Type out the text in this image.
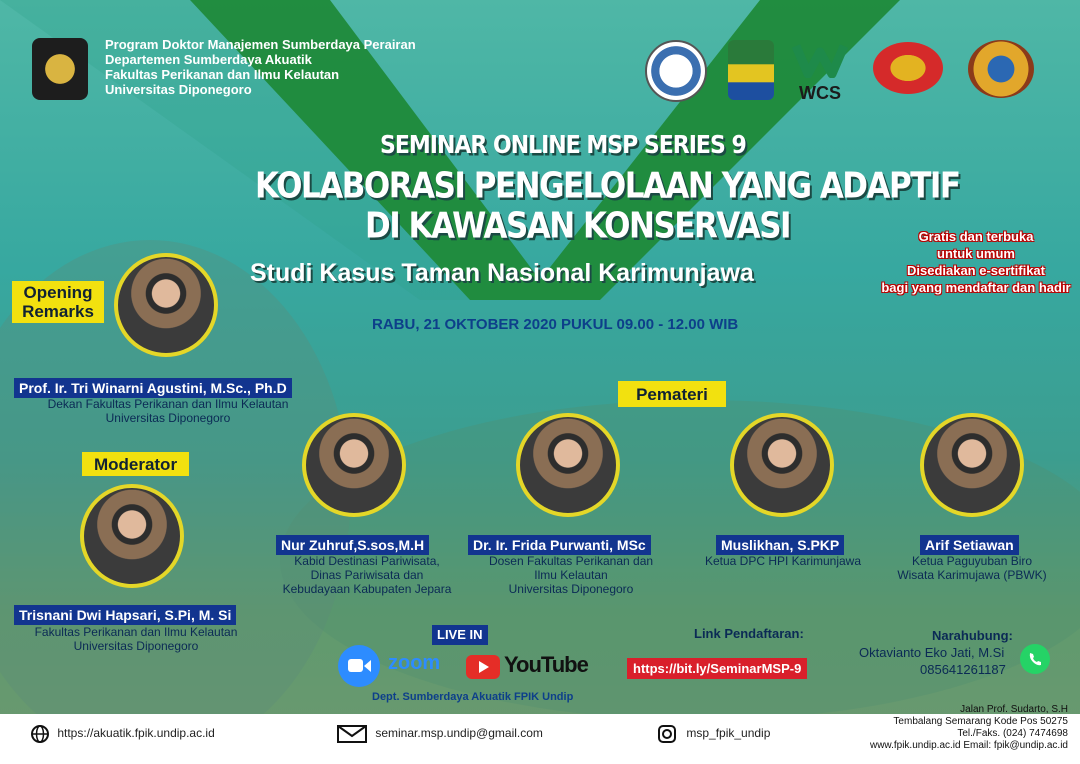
Program Doktor Manajemen Sumberdaya Perairan
Departemen Sumberdaya Akuatik
Fakultas Perikanan dan Ilmu Kelautan
Universitas Diponegoro	WCS
SEMINAR ONLINE MSP SERIES 9
KOLABORASI PENGELOLAAN YANG ADAPTIF
DI KAWASAN KONSERVASI
Studi Kasus Taman Nasional Karimunjawa
RABU, 21 OKTOBER 2020 PUKUL 09.00 - 12.00 WIB
Gratis dan terbuka
untuk umum
Disediakan e-sertifikat
bagi yang mendaftar dan hadir
Opening
Remarks
Prof. Ir. Tri Winarni Agustini, M.Sc., Ph.D
Dekan Fakultas Perikanan dan Ilmu Kelautan
Universitas Diponegoro
Moderator
Trisnani Dwi Hapsari, S.Pi, M. Si
Fakultas Perikanan dan Ilmu Kelautan
Universitas Diponegoro
Pemateri
Nur Zuhruf,S.sos,M.H
Kabid Destinasi Pariwisata,
Dinas Pariwisata dan
Kebudayaan Kabupaten Jepara
Dr. Ir. Frida Purwanti, MSc
Dosen Fakultas Perikanan dan
Ilmu Kelautan
Universitas Diponegoro
Muslikhan, S.PKP
Ketua DPC HPI Karimunjawa
Arif Setiawan
Ketua Paguyuban Biro
Wisata Karimujawa (PBWK)
LIVE IN
zoom	YouTube
Dept. Sumberdaya Akuatik FPIK Undip
Link Pendaftaran:
https://bit.ly/SeminarMSP-9
Narahubung:
Oktavianto Eko Jati, M.Si
085641261187
https://akuatik.fpik.undip.ac.id	seminar.msp.undip@gmail.com	msp_fpik_undip
Jalan Prof. Sudarto, S.H
Tembalang Semarang Kode Pos 50275
Tel./Faks. (024) 7474698
www.fpik.undip.ac.id Email: fpik@undip.ac.id
